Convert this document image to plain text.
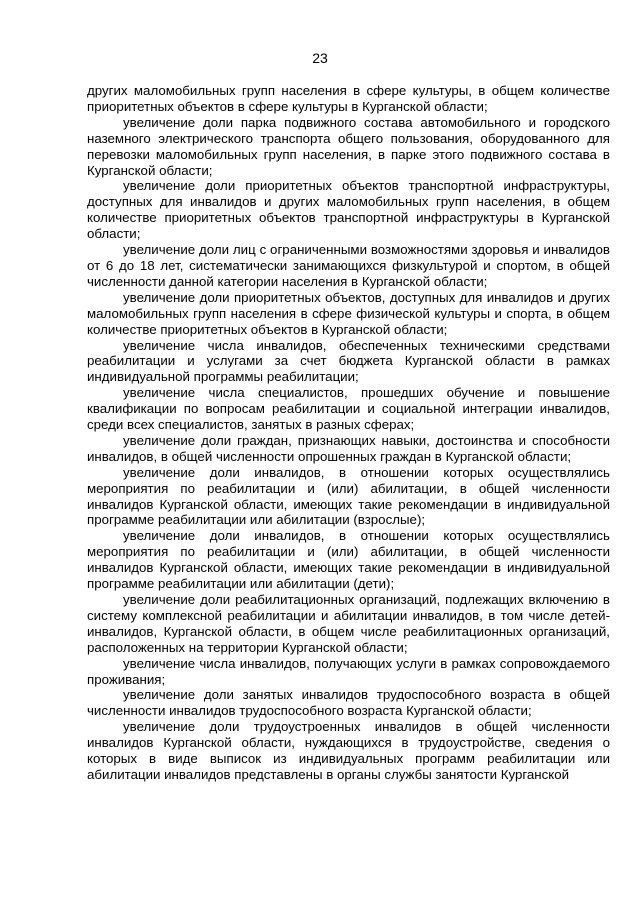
23

других маломобильных групп населения в сфере культуры, в общем количестве приоритетных объектов в сфере культуры в Курганской области;

увеличение доли парка подвижного состава автомобильного и городского наземного электрического транспорта общего пользования, оборудованного для перевозки маломобильных групп населения, в парке этого подвижного состава в Курганской области;

увеличение доли приоритетных объектов транспортной инфраструктуры, доступных для инвалидов и других маломобильных групп населения, в общем количестве приоритетных объектов транспортной инфраструктуры в Курганской области;

увеличение доли лиц с ограниченными возможностями здоровья и инвалидов от 6 до 18 лет, систематически занимающихся физкультурой и спортом, в общей численности данной категории населения в Курганской области;

увеличение доли приоритетных объектов, доступных для инвалидов и других маломобильных групп населения в сфере физической культуры и спорта, в общем количестве приоритетных объектов в Курганской области;

увеличение числа инвалидов, обеспеченных техническими средствами реабилитации и услугами за счет бюджета Курганской области в рамках индивидуальной программы реабилитации;

увеличение числа специалистов, прошедших обучение и повышение квалификации по вопросам реабилитации и социальной интеграции инвалидов, среди всех специалистов, занятых в разных сферах;

увеличение доли граждан, признающих навыки, достоинства и способности инвалидов, в общей численности опрошенных граждан в Курганской области;

увеличение доли инвалидов, в отношении которых осуществлялись мероприятия по реабилитации и (или) абилитации, в общей численности инвалидов Курганской области, имеющих такие рекомендации в индивидуальной программе реабилитации или абилитации (взрослые);

увеличение доли инвалидов, в отношении которых осуществлялись мероприятия по реабилитации и (или) абилитации, в общей численности инвалидов Курганской области, имеющих такие рекомендации в индивидуальной программе реабилитации или абилитации (дети);

увеличение доли реабилитационных организаций, подлежащих включению в систему комплексной реабилитации и абилитации инвалидов, в том числе детей-инвалидов, Курганской области, в общем числе реабилитационных организаций, расположенных на территории Курганской области;

увеличение числа инвалидов, получающих услуги в рамках сопровождаемого проживания;

увеличение доли занятых инвалидов трудоспособного возраста в общей численности инвалидов трудоспособного возраста Курганской области;

увеличение доли трудоустроенных инвалидов в общей численности инвалидов Курганской области, нуждающихся в трудоустройстве, сведения о которых в виде выписок из индивидуальных программ реабилитации или абилитации инвалидов представлены в органы службы занятости Курганской
